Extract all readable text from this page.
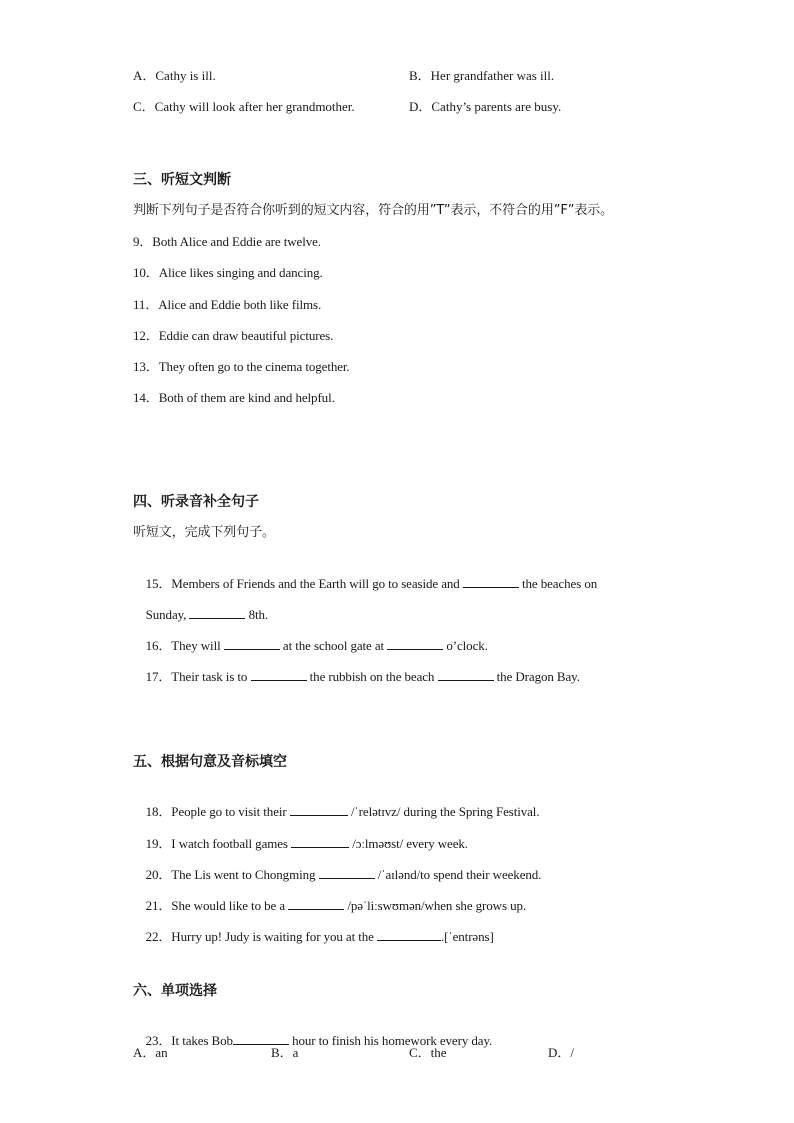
A．Cathy is ill.	B．Her grandfather was ill.
C．Cathy will look after her grandmother.	D．Cathy’s parents are busy.
三、听短文判断
判断下列句子是否符合你听到的短文内容，符合的用”T”表示，不符合的用”F”表示。
9．Both Alice and Eddie are twelve.
10．Alice likes singing and dancing.
11．Alice and Eddie both like films.
12．Eddie can draw beautiful pictures.
13．They often go to the cinema together.
14．Both of them are kind and helpful.
四、听录音补全句子
听短文，完成下列句子。

15．Members of Friends and the Earth will go to seaside and	the beaches on

Sunday,	8th.

16．They will	at the school gate at	o’clock.

17．Their task is to	the rubbish on the beach	the Dragon Bay.

五、根据句意及音标填空

18．People go to visit their	/ˈrelətɪvz/ during the Spring Festival.

19．I watch football games	/ɔːlməʊst/ every week.

20．The Lis went to Chongming	/ˈaɪlənd/to spend their weekend.

21．She would like to be a	/pəˈliːswʊmən/when she grows up.

22．Hurry up! Judy is waiting for you at the	.[ˈentrəns]

六、单项选择

23．It takes Bob	hour to finish his homework every day.

A．an	B．a	C．the	D．/
